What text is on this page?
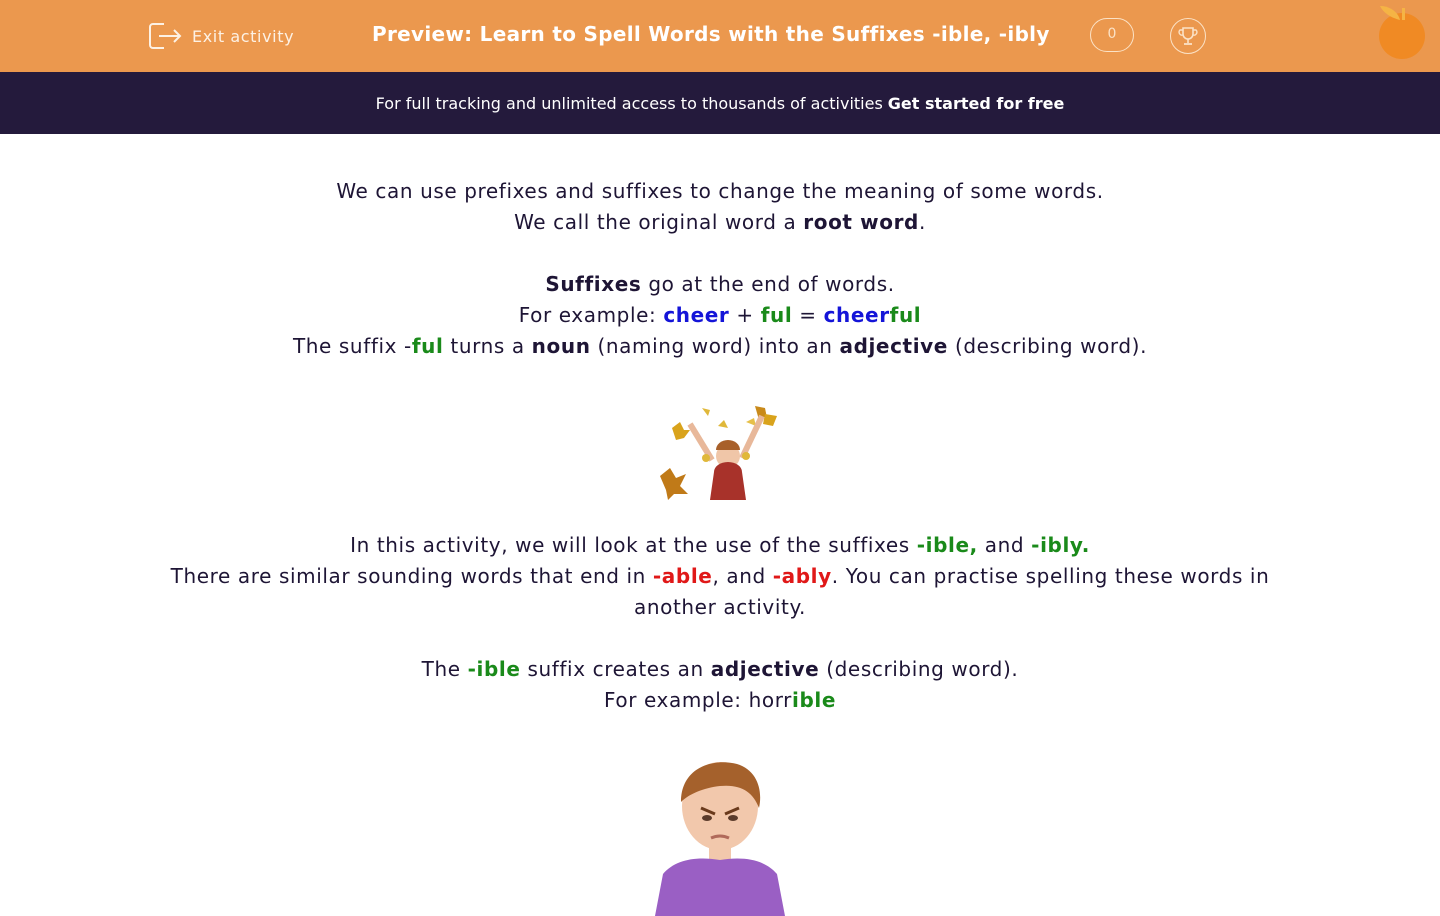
Exit activity	Preview: Learn to Spell Words with the Suffixes -ible, -ibly	0
For full tracking and unlimited access to thousands of activities Get started for free

We can use prefixes and suffixes to change the meaning of some words.

We call the original word a root word.

Suffixes go at the end of words.

For example: cheer + ful = cheerful

The suffix -ful turns a noun (naming word) into an adjective (describing word).

In this activity, we will look at the use of the suffixes -ible, and -ibly.

There are similar sounding words that end in -able, and -ably. You can practise spelling these words in another activity.

The -ible suffix creates an adjective (describing word).

For example: horrible
